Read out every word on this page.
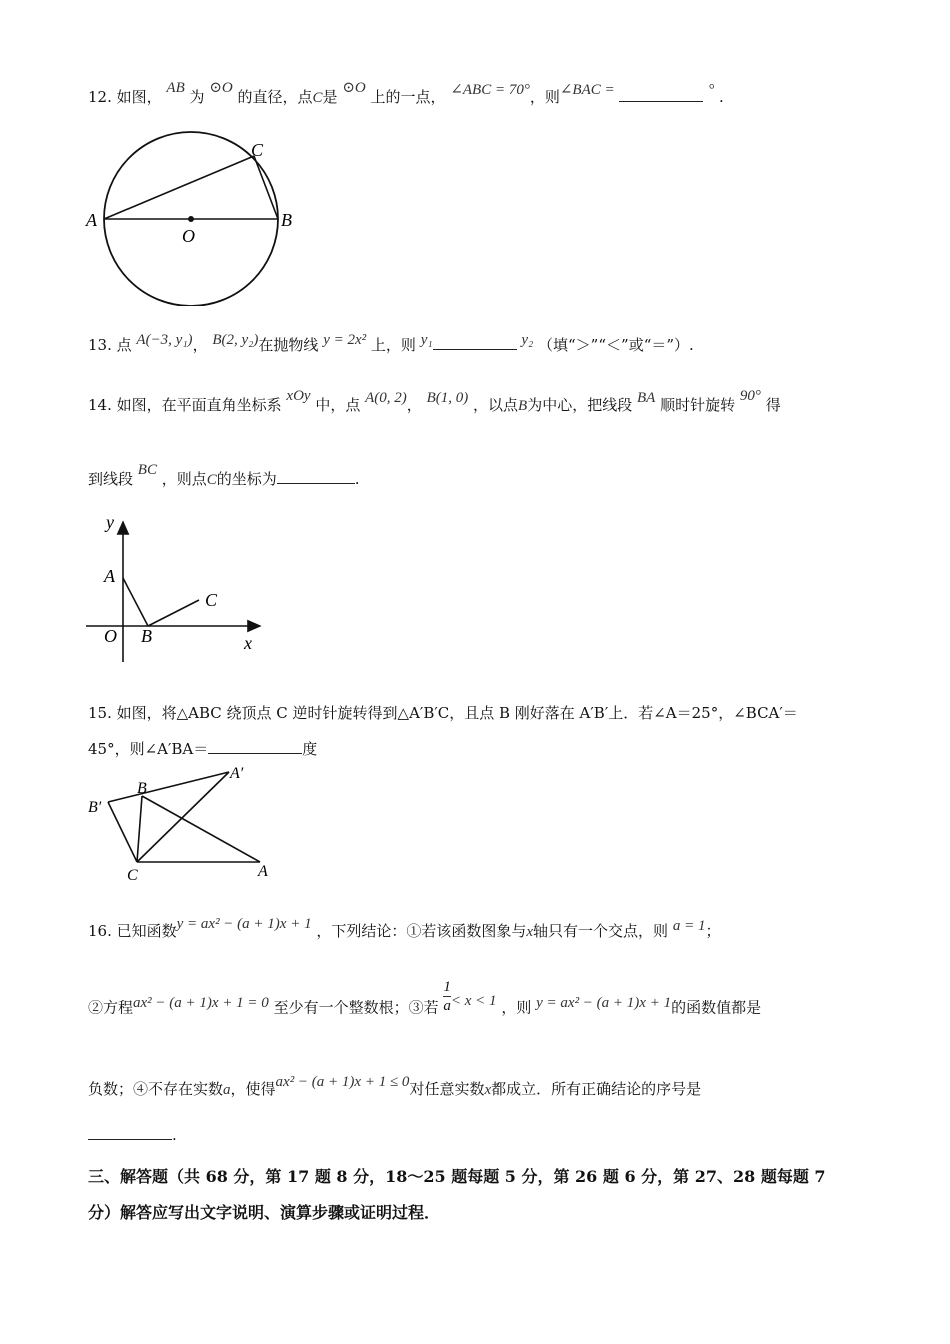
12. 如图， AB 为 ⊙O 的直径，点C是 ⊙O 上的一点， ∠ABC = 70°，则∠BAC =	° .
A	B
C
O
13. 点 A(−3, y₁)， B(2, y₂)在抛物线 y = 2x² 上，则 y₁	y₂ （填“＞”“＜”或“＝”）.
14. 如图，在平面直角坐标系 xOy 中，点 A(0, 2)， B(1, 0) ，以点B为中心，把线段 BA 顺时针旋转 90° 得
到线段 BC ，则点C的坐标为	.
y
x
A
B
C
O
15. 如图，将△ABC 绕顶点 C 逆时针旋转得到△A′B′C，且点 B 刚好落在 A′B′上．若∠A＝25°，∠BCA′＝
45°，则∠A′BA＝	度
B
A′
B′
C	A
16. 已知函数y = ax² − (a + 1)x + 1 ，下列结论：①若该函数图象与x轴只有一个交点，则 a = 1；
②方程ax² − (a + 1)x + 1 = 0 至少有一个整数根；③若 $\frac{1}{a} < x < 1$ ，则 y = ax² − (a + 1)x + 1的函数值都是
负数；④不存在实数a，使得ax² − (a + 1)x + 1 ≤ 0对任意实数x都成立．所有正确结论的序号是
.
三、解答题（共 68 分，第 17 题 8 分，18～25 题每题 5 分，第 26 题 6 分，第 27、28 题每题 7
分）解答应写出文字说明、演算步骤或证明过程．
